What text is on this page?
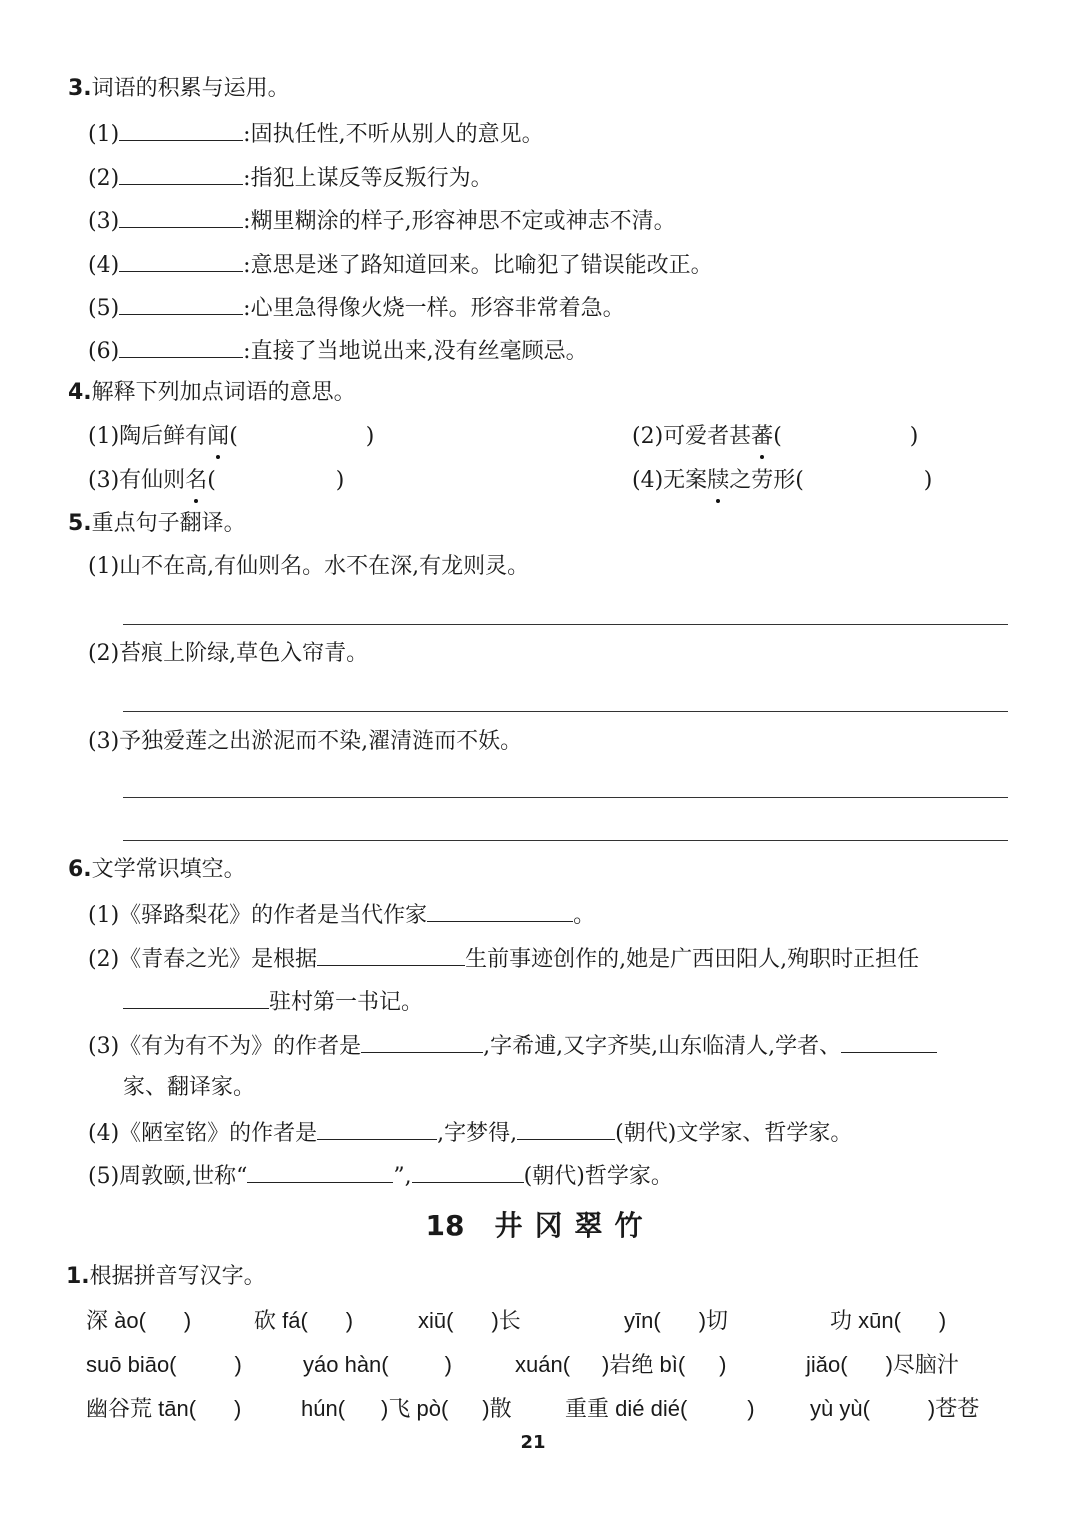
3.词语的积累与运用。
(1)	:固执任性,不听从别人的意见。
(2)	:指犯上谋反等反叛行为。
(3)	:糊里糊涂的样子,形容神思不定或神志不清。
(4)	:意思是迷了路知道回来。比喻犯了错误能改正。
(5)	:心里急得像火烧一样。形容非常着急。
(6)	:直接了当地说出来,没有丝毫顾忌。
4.解释下列加点词语的意思。
(1)陶后鲜有闻(	)	(2)可爱者甚蕃(	)
(3)有仙则名(	)	(4)无案牍之劳形(	)
5.重点句子翻译。
(1)山不在高,有仙则名。水不在深,有龙则灵。
(2)苔痕上阶绿,草色入帘青。
(3)予独爱莲之出淤泥而不染,濯清涟而不妖。
6.文学常识填空。
(1)《驿路梨花》的作者是当代作家	。
(2)《青春之光》是根据	生前事迹创作的,她是广西田阳人,殉职时正担任
驻村第一书记。
(3)《有为有不为》的作者是	,字希逋,又字齐奘,山东临清人,学者、
家、翻译家。
(4)《陋室铭》的作者是	,字梦得,	(朝代)文学家、哲学家。
(5)周敦颐,世称“	”,	(朝代)哲学家。
18 井冈翠竹
1.根据拼音写汉字。
深 ào( )	砍 fá( )	xiū( )长	yīn( )切	功 xūn( )
suō biāo(	)	yáo hàn(	)	xuán( )岩绝 bì( )	jiǎo( )尽脑汁
幽谷荒 tān( )	hún( )飞 pò( )散 重重 dié dié(	)	yù yù(	)苍苍
21
